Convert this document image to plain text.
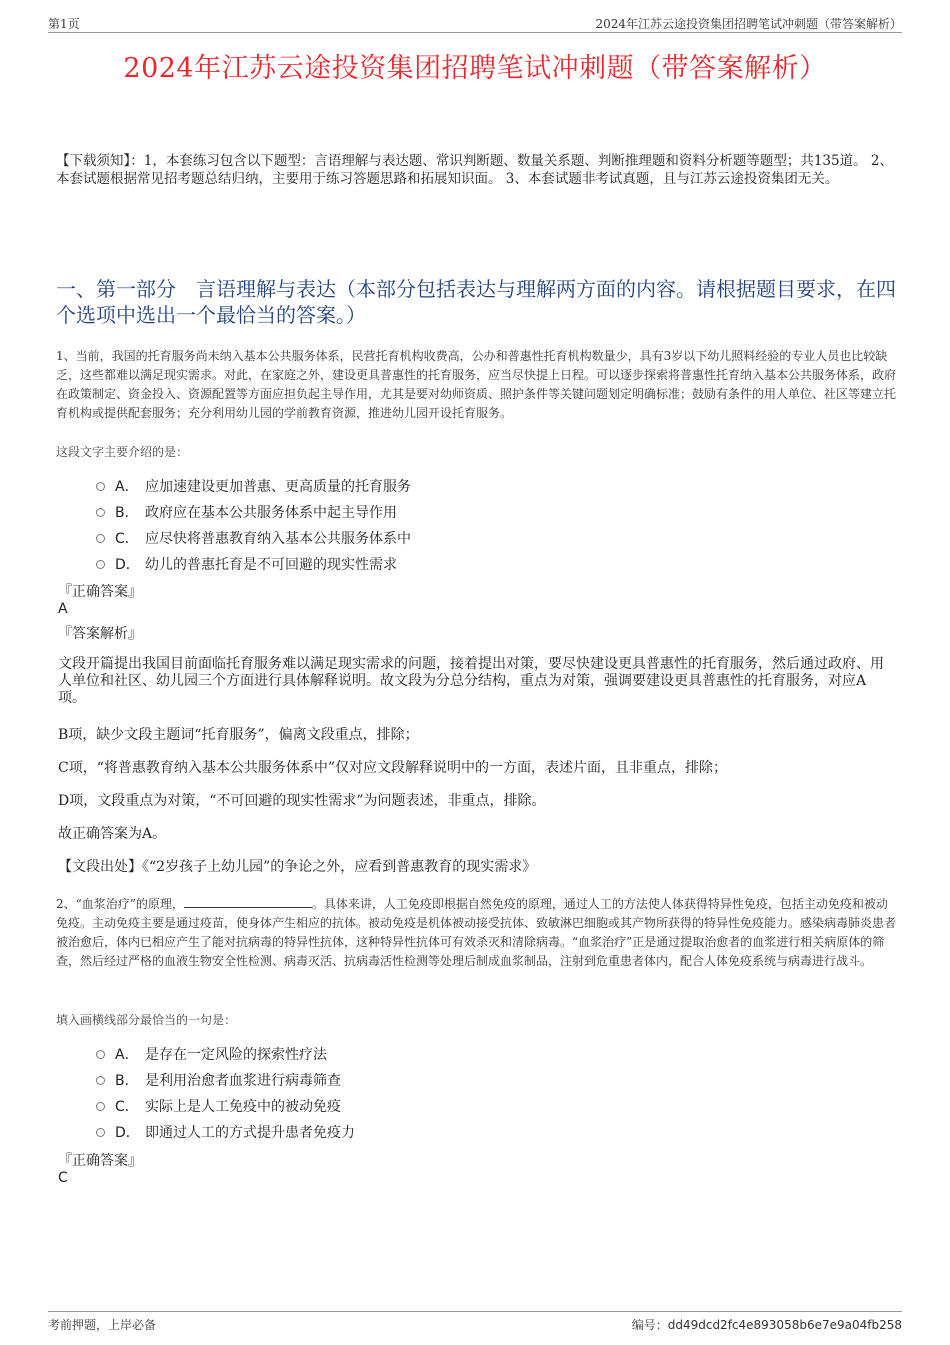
第1页	2024年江苏云途投资集团招聘笔试冲刺题（带答案解析）
2024年江苏云途投资集团招聘笔试冲刺题（带答案解析）
【下载须知】：1，本套练习包含以下题型：言语理解与表达题、常识判断题、数量关系题、判断推理题和资料分析题等题型；共135道。 2、本套试题根据常见招考题总结归纳，主要用于练习答题思路和拓展知识面。 3、本套试题非考试真题，且与江苏云途投资集团无关。
一、第一部分　言语理解与表达（本部分包括表达与理解两方面的内容。请根据题目要求，在四个选项中选出一个最恰当的答案。）
1、当前，我国的托育服务尚未纳入基本公共服务体系，民营托育机构收费高，公办和普惠性托育机构数量少，具有3岁以下幼儿照料经验的专业人员也比较缺乏，这些都难以满足现实需求。对此，在家庭之外，建设更具普惠性的托育服务，应当尽快提上日程。可以逐步探索将普惠性托育纳入基本公共服务体系，政府在政策制定、资金投入、资源配置等方面应担负起主导作用，尤其是要对幼师资质、照护条件等关键问题划定明确标准；鼓励有条件的用人单位、社区等建立托育机构或提供配套服务；充分利用幼儿园的学前教育资源，推进幼儿园开设托育服务。
这段文字主要介绍的是：
A． 应加速建设更加普惠、更高质量的托育服务
B． 政府应在基本公共服务体系中起主导作用
C． 应尽快将普惠教育纳入基本公共服务体系中
D． 幼儿的普惠托育是不可回避的现实性需求
『正确答案』
A
『答案解析』
文段开篇提出我国目前面临托育服务难以满足现实需求的问题，接着提出对策，要尽快建设更具普惠性的托育服务，然后通过政府、用人单位和社区、幼儿园三个方面进行具体解释说明。故文段为分总分结构，重点为对策，强调要建设更具普惠性的托育服务，对应A项。
B项，缺少文段主题词“托育服务”，偏离文段重点，排除；
C项，“将普惠教育纳入基本公共服务体系中”仅对应文段解释说明中的一方面，表述片面，且非重点，排除；
D项，文段重点为对策，“不可回避的现实性需求”为问题表述，非重点，排除。
故正确答案为A。
【文段出处】《“2岁孩子上幼儿园”的争论之外，应看到普惠教育的现实需求》
2、“血浆治疗”的原理，	。具体来讲，人工免疫即根据自然免疫的原理，通过人工的方法使人体获得特异性免疫，包括主动免疫和被动免疫。主动免疫主要是通过疫苗，使身体产生相应的抗体。被动免疫是机体被动接受抗体、致敏淋巴细胞或其产物所获得的特异性免疫能力。感染病毒肺炎患者被治愈后，体内已相应产生了能对抗病毒的特异性抗体，这种特异性抗体可有效杀灭和清除病毒。“血浆治疗”正是通过提取治愈者的血浆进行相关病原体的筛查，然后经过严格的血液生物安全性检测、病毒灭活、抗病毒活性检测等处理后制成血浆制品，注射到危重患者体内，配合人体免疫系统与病毒进行战斗。
填入画横线部分最恰当的一句是：
A． 是存在一定风险的探索性疗法
B． 是利用治愈者血浆进行病毒筛查
C． 实际上是人工免疫中的被动免疫
D． 即通过人工的方式提升患者免疫力
『正确答案』
C
考前押题，上岸必备	编号：dd49dcd2fc4e893058b6e7e9a04fb258
